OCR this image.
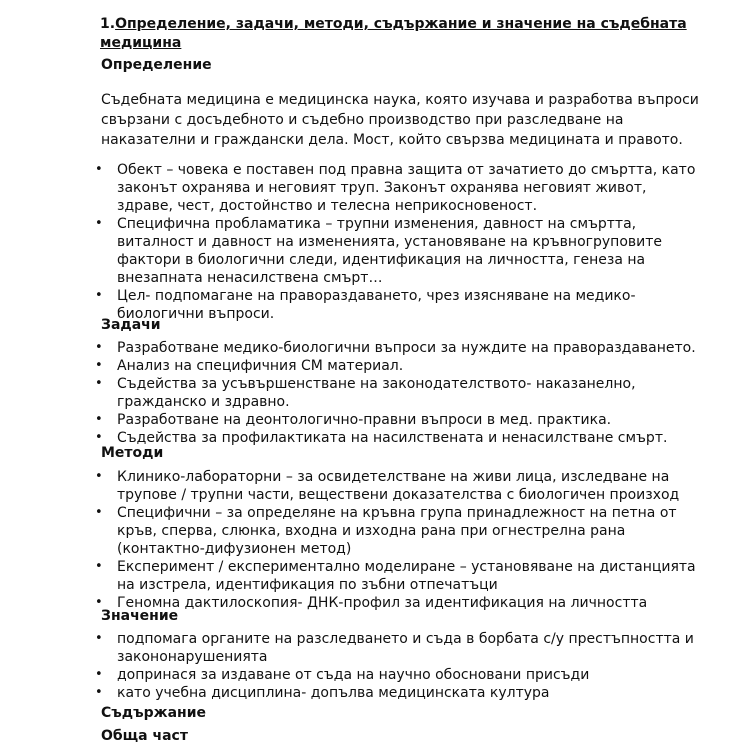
1.Определение, задачи, методи, съдържание и значение на съдебната медицина
Определение

Съдебната медицина е медицинска наука, която изучава и разработва въпроси свързани с досъдебното и съдебно производство при разследване на наказателни и граждански дела. Мост, който свързва медицината и правото.

• Обект – човека е поставен под правна защита от зачатието до смъртта, като законът охранява и неговият труп. Законът охранява неговият живот, здраве, чест, достойнство и телесна неприкосновеност.
• Специфична пробламатика – трупни изменения, давност на смъртта, виталност и давност на измененията, установяване на кръвногруповите фактори в биологични следи, идентификация на личността, генеза на внезапната ненасилствена смърт…
• Цел- подпомагане на правораздаването, чрез изясняване на медико-биологични въпроси.
Задачи
• Разработване медико-биологични въпроси за нуждите на правораздаването.
• Анализ на специфичния СМ материал.
• Съдейства за усъвършенстване на законодателството- наказанелно, гражданско и здравно.
• Разработване на деонтологично-правни въпроси в мед. практика.
• Съдейства за профилактиката на насилствената и ненасилстване смърт.
Методи
• Клинико-лабораторни – за освидетелстване на живи лица, изследване на трупове / трупни части, веществени доказателства с биологичен произход
• Специфични – за определяне на кръвна група принадлежност на петна от кръв, сперва, слюнка, входна и изходна рана при огнестрелна рана (контактно-дифузионен метод)
• Експеримент / експериментално моделиране – установяване на дистанцията на изстрела, идентификация по зъбни отпечатъци
• Геномна дактилоскопия- ДНК-профил за идентификация на личността
Значение
• подпомага органите на разследването и съда в борбата с/у престъпността и закононарушенията
• допринася за издаване от съда на научно обосновани присъди
• като учебна дисциплина- допълва медицинската култура
Съдържание
Обща част
